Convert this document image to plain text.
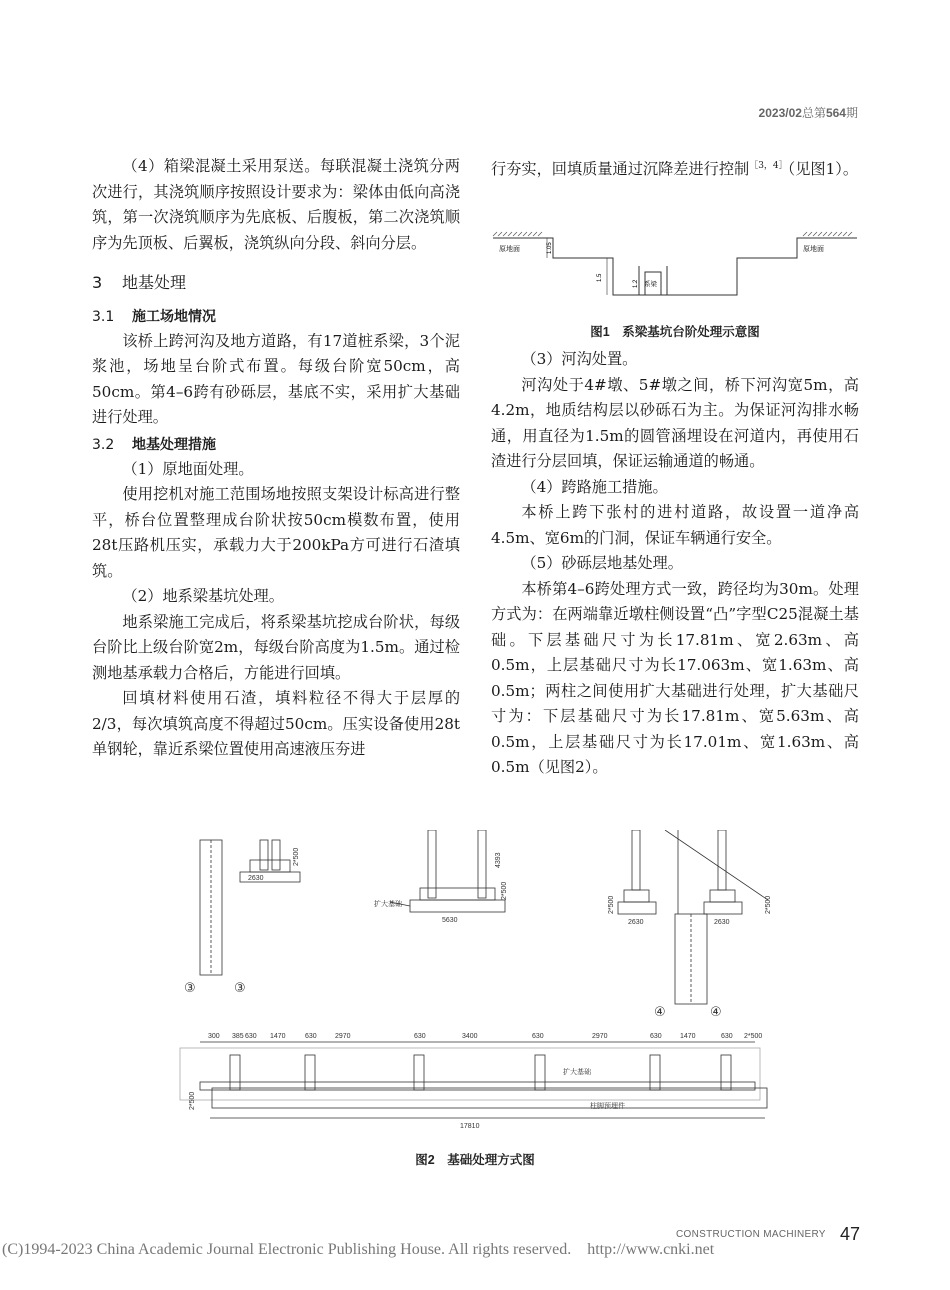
2023/02总第564期

（4）箱梁混凝土采用泵送。每联混凝土浇筑分两次进行，其浇筑顺序按照设计要求为：梁体由低向高浇筑，第一次浇筑顺序为先底板、后腹板，第二次浇筑顺序为先顶板、后翼板，浇筑纵向分段、斜向分层。

3 地基处理
3.1 施工场地情况

该桥上跨河沟及地方道路，有17道桩系梁，3个泥浆池，场地呈台阶式布置。每级台阶宽50cm，高50cm。第4–6跨有砂砾层，基底不实，采用扩大基础进行处理。

3.2 地基处理措施

（1）原地面处理。

使用挖机对施工范围场地按照支架设计标高进行整平，桥台位置整理成台阶状按50cm模数布置，使用28t压路机压实，承载力大于200kPa方可进行石渣填筑。

（2）地系梁基坑处理。

地系梁施工完成后，将系梁基坑挖成台阶状，每级台阶比上级台阶宽2m，每级台阶高度为1.5m。通过检测地基承载力合格后，方能进行回填。

回填材料使用石渣，填料粒径不得大于层厚的2/3，每次填筑高度不得超过50cm。压实设备使用28t单钢轮，靠近系梁位置使用高速液压夯进

行夯实，回填质量通过沉降差进行控制$^{[3,4]}$（见图1）。

原地面	原地面
系梁
1.05
1.5
1.2
图1　系梁基坑台阶处理示意图

（3）河沟处置。

河沟处于4#墩、5#墩之间，桥下河沟宽5m，高4.2m，地质结构层以砂砾石为主。为保证河沟排水畅通，用直径为1.5m的圆管涵埋设在河道内，再使用石渣进行分层回填，保证运输通道的畅通。

（4）跨路施工措施。

本桥上跨下张村的进村道路，故设置一道净高4.5m、宽6m的门洞，保证车辆通行安全。

（5）砂砾层地基处理。

本桥第4–6跨处理方式一致，跨径均为30m。处理方式为：在两端靠近墩柱侧设置“凸”字型C25混凝土基础。下层基础尺寸为长17.81m、宽2.63m、高0.5m，上层基础尺寸为长17.063m、宽1.63m、高0.5m；两柱之间使用扩大基础进行处理，扩大基础尺寸为：下层基础尺寸为长17.81m、宽5.63m、高0.5m，上层基础尺寸为长17.01m、宽1.63m、高0.5m（见图2）。

2630
5630	2630	2630
2*500
2*500
2*500	2*500
4393
扩大基础
扩大基础
柱脚预埋件
17810
2*500
③	③
④	④
300 385 630 1470	630	2970	630	3400	630	2970	630	1470	630 2*500
图2　基础处理方式图
CONSTRUCTION MACHINERY 47
(C)1994-2023 China Academic Journal Electronic Publishing House. All rights reserved.    http://www.cnki.net
